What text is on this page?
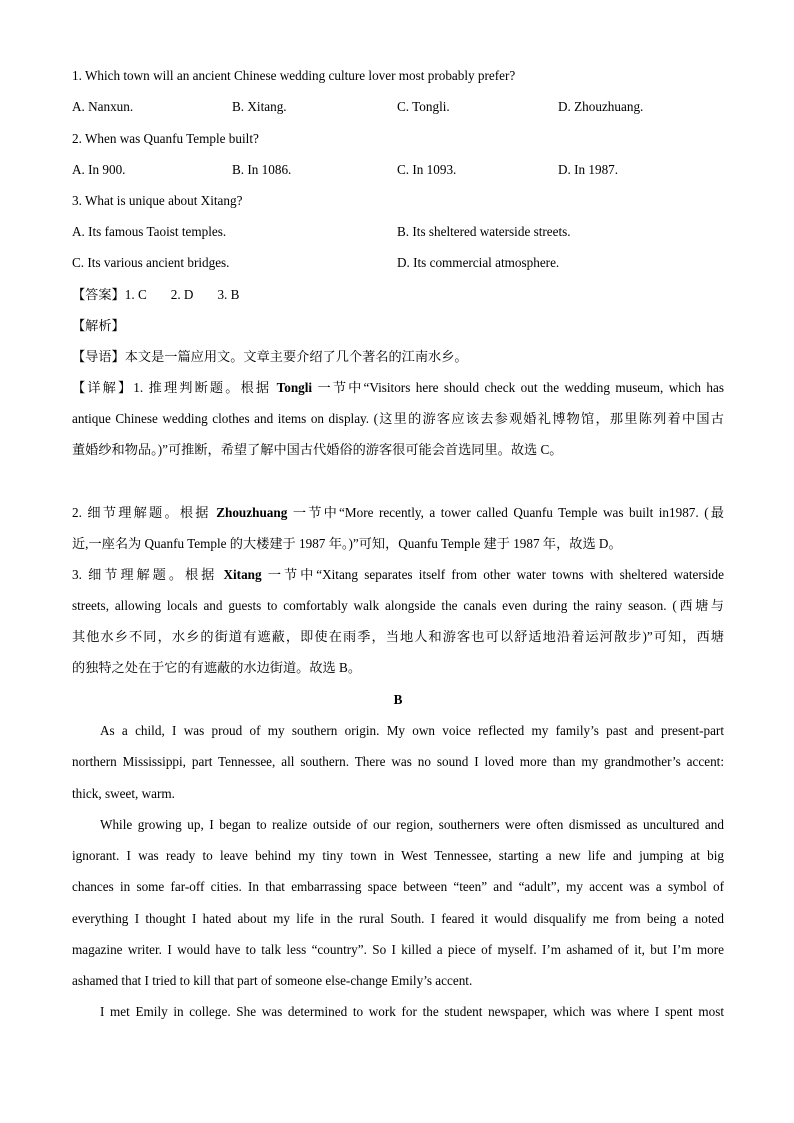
1. Which town will an ancient Chinese wedding culture lover most probably prefer?
A. Nanxun.	B. Xitang.	C. Tongli.	D. Zhouzhuang.
2. When was Quanfu Temple built?
A. In 900.	B. In 1086.	C. In 1093.	D. In 1987.
3. What is unique about Xitang?
A. Its famous Taoist temples.	B. Its sheltered waterside streets.
C. Its various ancient bridges.	D. Its commercial atmosphere.
【答案】1. C 2. D 3. B
【解析】
【导语】本文是一篇应用文。文章主要介绍了几个著名的江南水乡。
【详解】1. 推理判断题。根据 Tongli 一节中“Visitors here should check out the wedding museum, which has
antique Chinese wedding clothes and items on display. (这里的游客应该去参观婚礼博物馆，那里陈列着中国古
董婚纱和物品。)”可推断，希望了解中国古代婚俗的游客很可能会首选同里。故选 C。
2. 细节理解题。根据 Zhouzhuang 一节中“More recently, a tower called Quanfu Temple was built in1987. (最
近,一座名为 Quanfu Temple 的大楼建于 1987 年。)”可知，Quanfu Temple 建于 1987 年，故选 D。
3. 细节理解题。根据 Xitang 一节中“Xitang separates itself from other water towns with sheltered waterside
streets, allowing locals and guests to comfortably walk alongside the canals even during the rainy season. (西塘与
其他水乡不同，水乡的街道有遮蔽，即使在雨季，当地人和游客也可以舒适地沿着运河散步)”可知，西塘
的独特之处在于它的有遮蔽的水边街道。故选 B。
B
As a child, I was proud of my southern origin. My own voice reflected my family’s past and present-part
northern Mississippi, part Tennessee, all southern. There was no sound I loved more than my grandmother’s accent:
thick, sweet, warm.
While growing up, I began to realize outside of our region, southerners were often dismissed as uncultured and
ignorant. I was ready to leave behind my tiny town in West Tennessee, starting a new life and jumping at big
chances in some far-off cities. In that embarrassing space between “teen” and “adult”, my accent was a symbol of
everything I thought I hated about my life in the rural South. I feared it would disqualify me from being a noted
magazine writer. I would have to talk less “country”. So I killed a piece of myself. I’m ashamed of it, but I’m more
ashamed that I tried to kill that part of someone else-change Emily’s accent.
I met Emily in college. She was determined to work for the student newspaper, which was where I spent most
